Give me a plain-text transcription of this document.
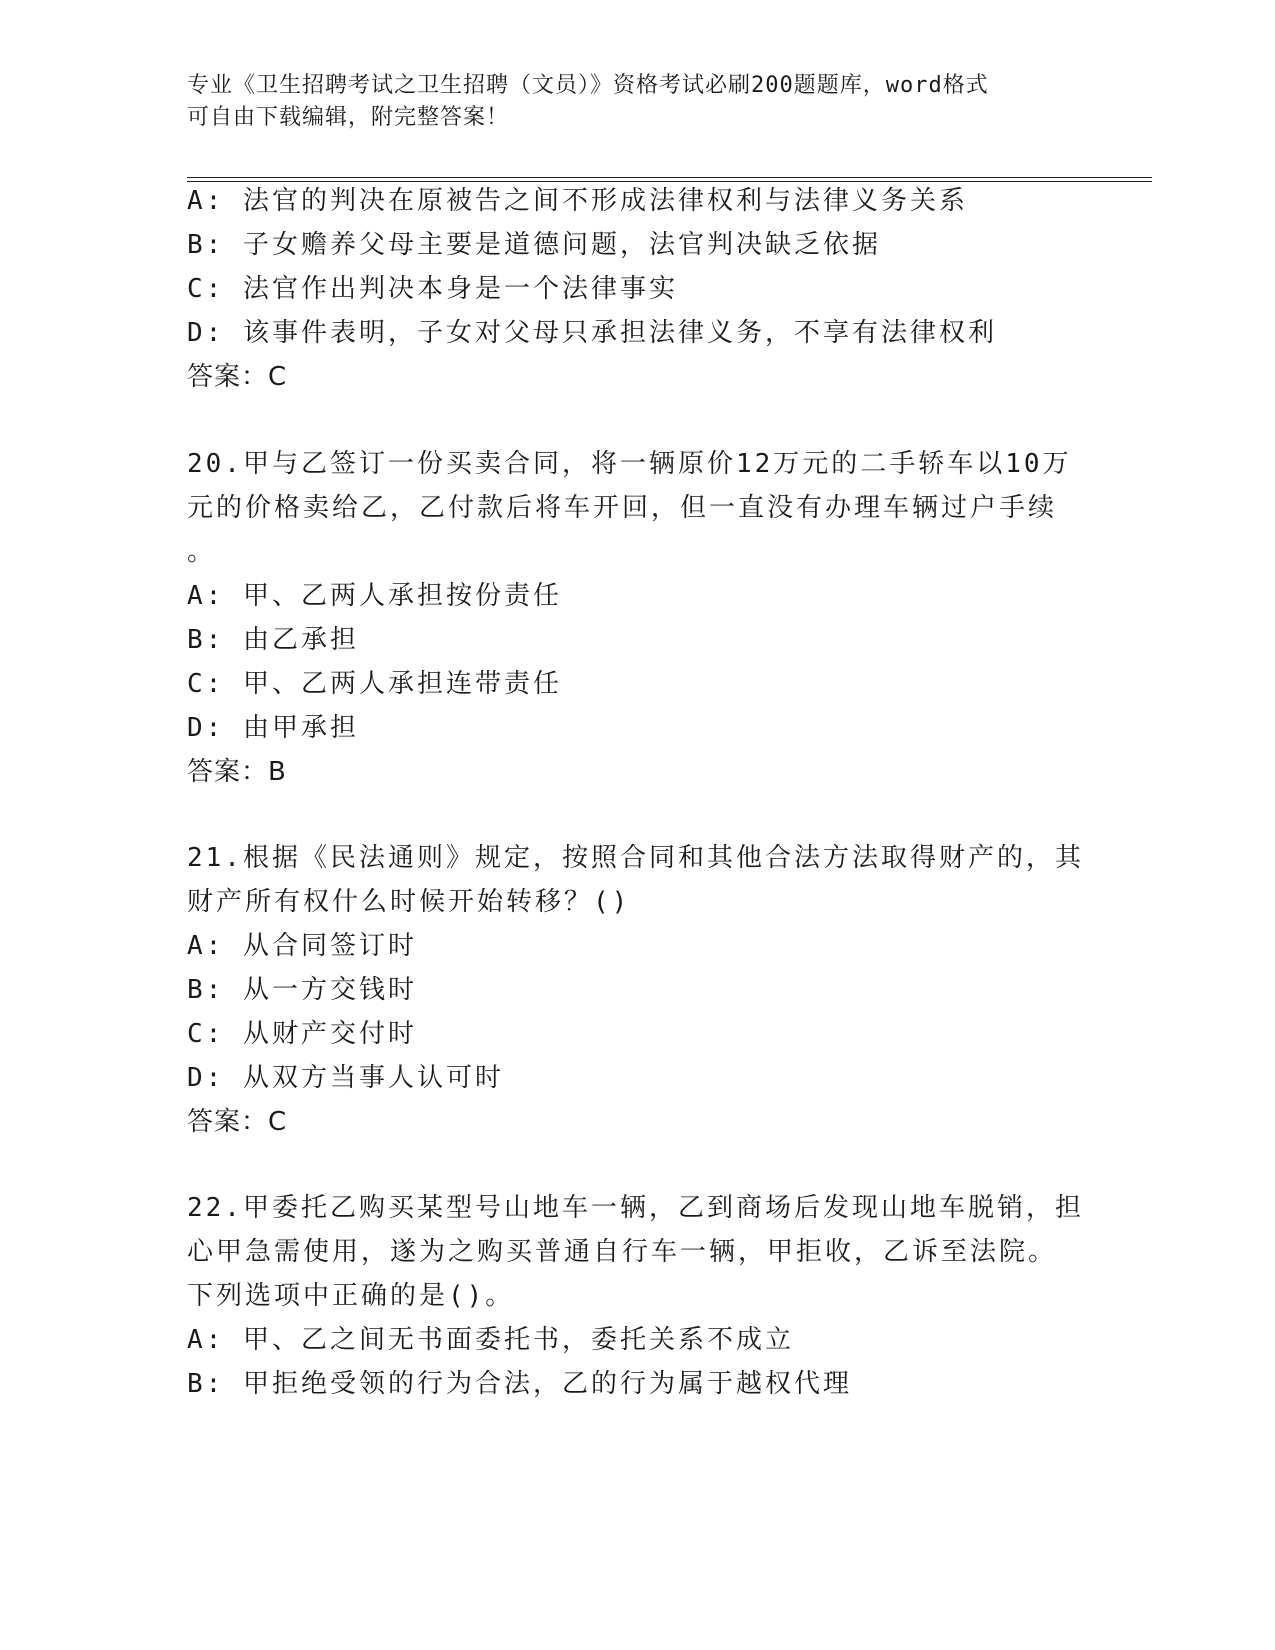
专业《卫生招聘考试之卫生招聘（文员）》资格考试必刷200题题库，word格式
可自由下载编辑，附完整答案！
A: 法官的判决在原被告之间不形成法律权利与法律义务关系
B: 子女赡养父母主要是道德问题，法官判决缺乏依据
C: 法官作出判决本身是一个法律事实
D: 该事件表明，子女对父母只承担法律义务，不享有法律权利
答案：C
20.甲与乙签订一份买卖合同，将一辆原价12万元的二手轿车以10万
元的价格卖给乙，乙付款后将车开回，但一直没有办理车辆过户手续
。
A: 甲、乙两人承担按份责任
B: 由乙承担
C: 甲、乙两人承担连带责任
D: 由甲承担
答案：B
21.根据《民法通则》规定，按照合同和其他合法方法取得财产的，其
财产所有权什么时候开始转移？()
A: 从合同签订时
B: 从一方交钱时
C: 从财产交付时
D: 从双方当事人认可时
答案：C
22.甲委托乙购买某型号山地车一辆，乙到商场后发现山地车脱销，担
心甲急需使用，遂为之购买普通自行车一辆，甲拒收，乙诉至法院。
下列选项中正确的是()。
A: 甲、乙之间无书面委托书，委托关系不成立
B: 甲拒绝受领的行为合法，乙的行为属于越权代理
